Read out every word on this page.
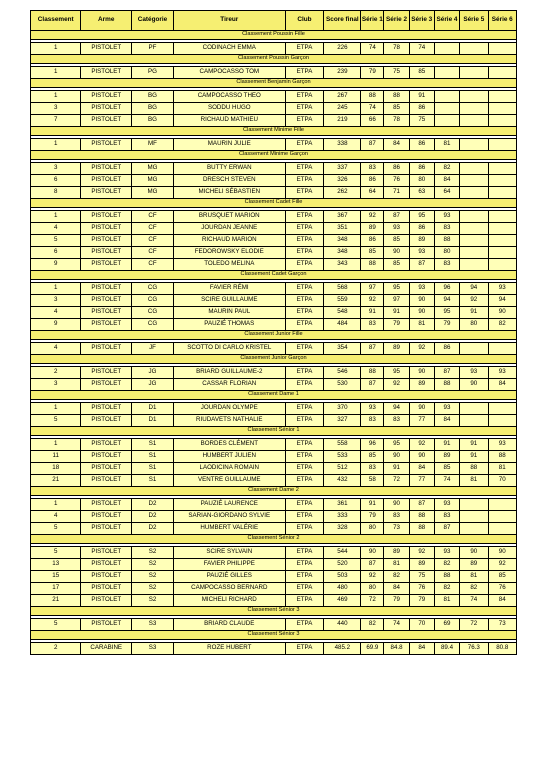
Classement	Arme	Catégorie	Tireur	Club	Score final	Série 1	Série 2	Série 3	Série 4	Série 5	Série 6
Classement Poussin Fille											

1	PISTOLET	PF	CODINACH EMMA	ETPA	226	74	78	74			
Classement Poussin Garçon											

1	PISTOLET	PG	CAMPOCASSO TOM	ETPA	239	79	75	85			
Classement Benjamin Garçon											

1	PISTOLET	BG	CAMPOCASSO THEO	ETPA	267	88	88	91			
3	PISTOLET	BG	SODDU HUGO	ETPA	245	74	85	86			
7	PISTOLET	BG	RICHAUD MATHIEU	ETPA	219	66	78	75			
Classement Minime Fille											

1	PISTOLET	MF	MAURIN JULIE	ETPA	338	87	84	86	81		
Classement Minime Garçon											

3	PISTOLET	MG	BUTTY ERWAN	ETPA	337	83	86	86	82		
6	PISTOLET	MG	DRESCH STEVEN	ETPA	326	86	76	80	84		
8	PISTOLET	MG	MICHELI SÉBASTIEN	ETPA	262	64	71	63	64		
Classement Cadet Fille											

1	PISTOLET	CF	BRUSQUET MARION	ETPA	367	92	87	95	93		
4	PISTOLET	CF	JOURDAN JEANNE	ETPA	351	89	93	86	83		
5	PISTOLET	CF	RICHAUD MARION	ETPA	348	86	85	89	88		
6	PISTOLET	CF	FEDOROWSKY ELODIE	ETPA	348	85	90	93	80		
9	PISTOLET	CF	TOLEDO MELINA	ETPA	343	88	85	87	83		
Classement Cadet Garçon											

1	PISTOLET	CG	FAVIER RÉMI	ETPA	568	97	95	93	96	94	93
3	PISTOLET	CG	SCIRE GUILLAUME	ETPA	559	92	97	90	94	92	94
4	PISTOLET	CG	MAURIN PAUL	ETPA	548	91	91	90	95	91	90
9	PISTOLET	CG	PAUZIÉ THOMAS	ETPA	484	83	79	81	79	80	82
Classement Junior Fille											

4	PISTOLET	JF	SCOTTO DI CARLO KRISTEL	ETPA	354	87	89	92	86		
Classement Junior Garçon											

2	PISTOLET	JG	BRIARD GUILLAUME-2	ETPA	546	88	95	90	87	93	93
3	PISTOLET	JG	CASSAR FLORIAN	ETPA	530	87	92	89	88	90	84
Classement Dame 1											

1	PISTOLET	D1	JOURDAN OLYMPE	ETPA	370	93	94	90	93		
5	PISTOLET	D1	RIUDAVETS NATHALIE	ETPA	327	83	83	77	84		
Classement Sénior 1											

1	PISTOLET	S1	BORDES CLÉMENT	ETPA	558	96	95	92	91	91	93
11	PISTOLET	S1	HUMBERT JULIEN	ETPA	533	85	90	90	89	91	88
18	PISTOLET	S1	LAODICINA ROMAIN	ETPA	512	83	91	84	85	88	81
21	PISTOLET	S1	VENTRE GUILLAUME	ETPA	432	58	72	77	74	81	70
Classement Dame 2											

1	PISTOLET	D2	PAUZIÉ LAURENCE	ETPA	361	91	90	87	93		
4	PISTOLET	D2	SARIAN-GIORDANO SYLVIE	ETPA	333	79	83	88	83		
5	PISTOLET	D2	HUMBERT VALÉRIE	ETPA	328	80	73	88	87		
Classement Sénior 2											

5	PISTOLET	S2	SCIRE SYLVAIN	ETPA	544	90	89	92	93	90	90
13	PISTOLET	S2	FAVIER PHILIPPE	ETPA	520	87	81	89	82	89	92
15	PISTOLET	S2	PAUZIÉ GILLES	ETPA	503	92	82	75	88	81	85
17	PISTOLET	S2	CAMPOCASSO BERNARD	ETPA	480	80	84	76	82	82	76
21	PISTOLET	S2	MICHELI RICHARD	ETPA	469	72	79	79	81	74	84
Classement Sénior 3											

5	PISTOLET	S3	BRIARD CLAUDE	ETPA	440	82	74	70	69	72	73
Classement Sénior 3											

2	CARABINE	S3	ROZE HUBERT	ETPA	485.2	69.9	84.8	84	89.4	76.3	80.8
